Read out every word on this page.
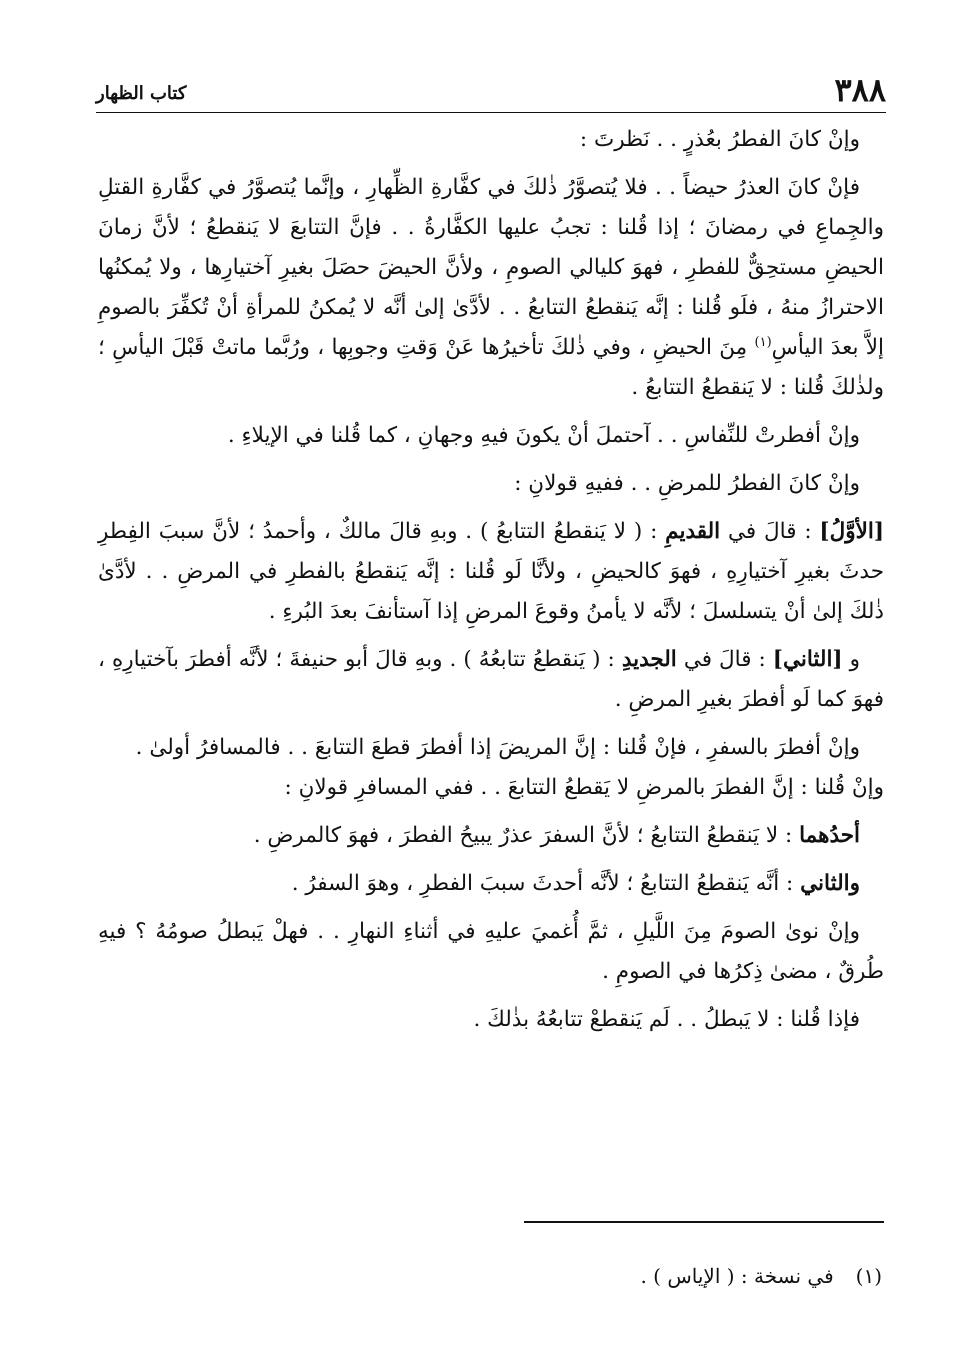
٣٨٨
كتاب الظهار

وإنْ كانَ الفطرُ بعُذرٍ . . نَظرتَ :

فإنْ كانَ العذرُ حيضاً . . فلا يُتصوَّرُ ذٰلكَ في كفَّارةِ الظِّهارِ ، وإنَّما يُتصوَّرُ في كفَّارةِ القتلِ والجِماعِ في رمضانَ ؛ إذا قُلنا : تجبُ عليها الكفَّارةُ . . فإنَّ التتابعَ لا يَنقطعُ ؛ لأنَّ زمانَ الحيضِ مستحِقٌّ للفطرِ ، فهوَ كليالي الصومِ ، ولأنَّ الحيضَ حصَلَ بغيرِ آختيارِها ، ولا يُمكنُها الاحترازُ منهُ ، فلَو قُلنا : إنَّه يَنقطعُ التتابعُ . . لأدَّىٰ إلىٰ أنَّه لا يُمكنُ للمرأةِ أنْ تُكفِّرَ بالصومِ إلاَّ بعدَ اليأسِ$^{(١)}$ مِنَ الحيضِ ، وفي ذٰلكَ تأخيرُها عَنْ وَقتِ وجوبِها ، ورُبَّما ماتتْ قَبْلَ اليأسِ ؛ ولذٰلكَ قُلنا : لا يَنقطعُ التتابعُ .

وإنْ أفطرتْ للنِّفاسِ . . آحتملَ أنْ يكونَ فيهِ وجهانِ ، كما قُلنا في الإيلاءِ .

وإنْ كانَ الفطرُ للمرضِ . . ففيهِ قولانِ :

[الأوَّلُ] : قالَ في القديمِ : ( لا يَنقطعُ التتابعُ ) . وبهِ قالَ مالكٌ ، وأحمدُ ؛ لأنَّ سببَ الفِطرِ حدثَ بغيرِ آختيارِهِ ، فهوَ كالحيضِ ، ولأنَّا لَو قُلنا : إنَّه يَنقطعُ بالفطرِ في المرضِ . . لأدَّىٰ ذٰلكَ إلىٰ أنْ يتسلسلَ ؛ لأنَّه لا يأمنُ وقوعَ المرضِ إذا آستأنفَ بعدَ البُرءِ .

و [الثاني] : قالَ في الجديدِ : ( يَنقطعُ تتابعُهُ ) . وبهِ قالَ أبو حنيفةَ ؛ لأنَّه أفطرَ بآختيارِهِ ، فهوَ كما لَو أفطرَ بغيرِ المرضِ .

وإنْ أفطرَ بالسفرِ ، فإنْ قُلنا : إنَّ المريضَ إذا أفطرَ قطعَ التتابعَ . . فالمسافرُ أولىٰ .

وإنْ قُلنا : إنَّ الفطرَ بالمرضِ لا يَقطعُ التتابعَ . . ففي المسافرِ قولانِ :

أحدُهما : لا يَنقطعُ التتابعُ ؛ لأنَّ السفرَ عذرٌ يبيحُ الفطرَ ، فهوَ كالمرضِ .

والثاني : أنَّه يَنقطعُ التتابعُ ؛ لأنَّه أحدثَ سببَ الفطرِ ، وهوَ السفرُ .

وإنْ نوىٰ الصومَ مِنَ اللَّيلِ ، ثمَّ أُغميَ عليهِ في أثناءِ النهارِ . . فهلْ يَبطلُ صومُهُ ؟ فيهِ طُرقٌ ، مضىٰ ذِكرُها في الصومِ .

فإذا قُلنا : لا يَبطلُ . . لَم يَنقطعْ تتابعُهُ بذٰلكَ .

(١)في نسخة : ( الإياس ) .
